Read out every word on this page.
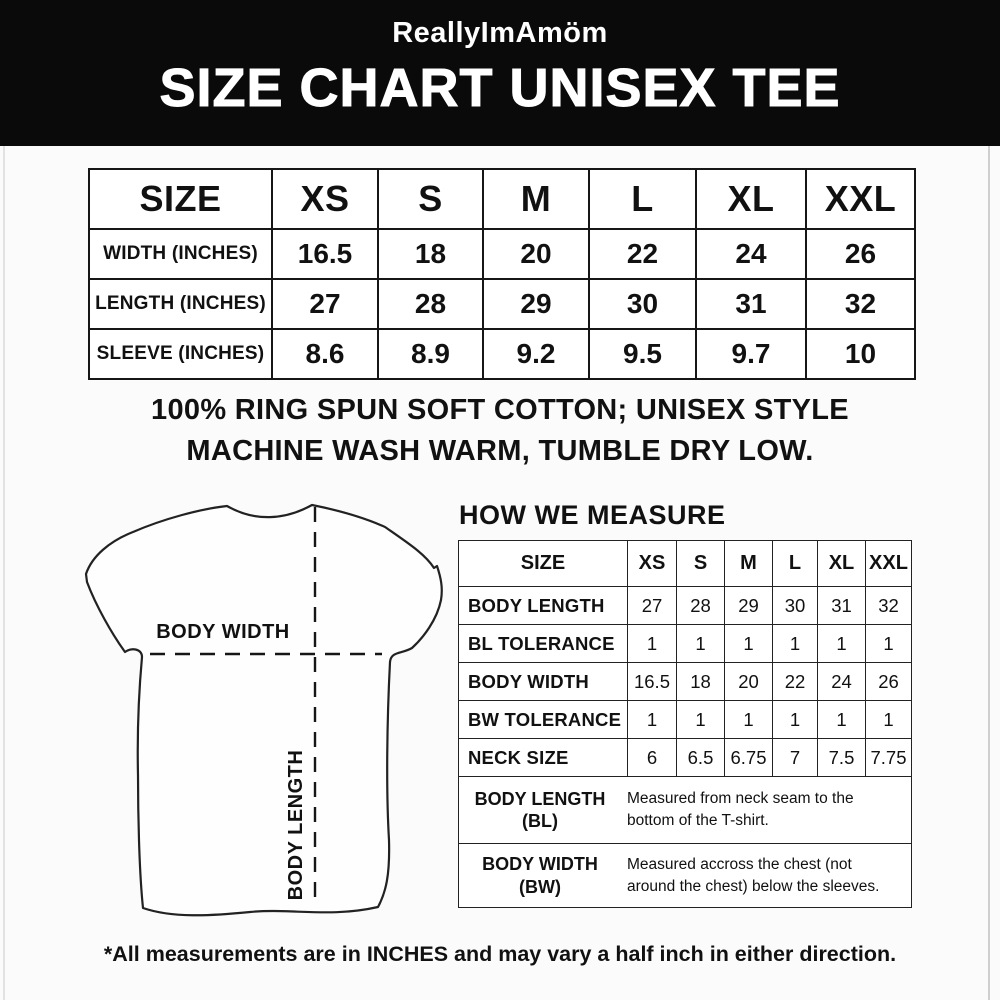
ReallyImAmöm
SIZE CHART UNISEX TEE
SIZE	XS	S	M	L	XL	XXL
WIDTH (INCHES)	16.5	18	20	22	24	26
LENGTH (INCHES)	27	28	29	30	31	32
SLEEVE (INCHES)	8.6	8.9	9.2	9.5	9.7	10
100% RING SPUN SOFT COTTON; UNISEX STYLE
MACHINE WASH WARM, TUMBLE DRY LOW.
BODY WIDTH
BODY LENGTH
HOW WE MEASURE
SIZE	XS	S	M	L	XL	XXL
BODY LENGTH	27	28	29	30	31	32
BL TOLERANCE	1	1	1	1	1	1
BODY WIDTH	16.5	18	20	22	24	26
BW TOLERANCE	1	1	1	1	1	1
NECK SIZE	6	6.5	6.75	7	7.5	7.75

BODY LENGTH
(BL)
Measured from neck seam to the bottom of the T-shirt.						

BODY WIDTH
(BW)
Measured accross the chest (not around the chest) below the sleeves.						
*All measurements are in INCHES and may vary a half inch in either direction.
